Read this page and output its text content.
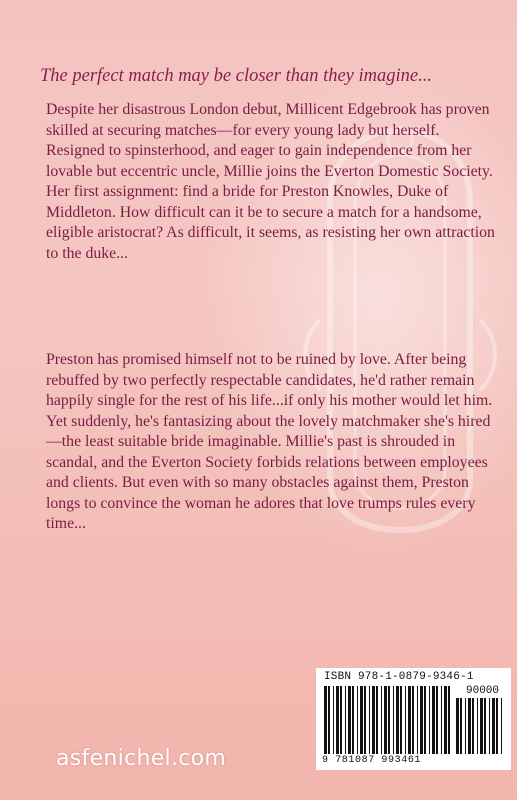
The perfect match may be closer than they imagine...

Despite her disastrous London debut, Millicent Edgebrook has proven skilled at securing matches—for every young lady but herself. Resigned to spinsterhood, and eager to gain independence from her lovable but eccentric uncle, Millie joins the Everton Domestic Society. Her first assignment: find a bride for Preston Knowles, Duke of Middleton. How difficult can it be to secure a match for a handsome, eligible aristocrat? As difficult, it seems, as resisting her own attraction to the duke...

Preston has promised himself not to be ruined by love. After being rebuffed by two perfectly respectable candidates, he'd rather remain happily single for the rest of his life...if only his mother would let him. Yet suddenly, he's fantasizing about the lovely matchmaker she's hired—the least suitable bride imaginable. Millie's past is shrouded in scandal, and the Everton Society forbids relations between employees and clients. But even with so many obstacles against them, Preston longs to convince the woman he adores that love trumps rules every time...

asfenichel.com
ISBN 978-1-0879-9346-1
90000
9 781087 993461
